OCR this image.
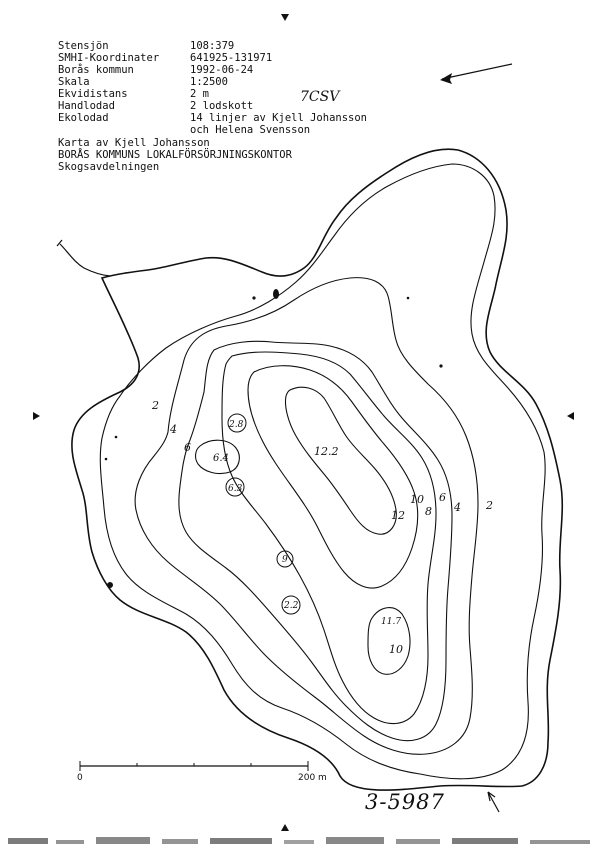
2
2
4
4
6
6
8
10
10
12
12.2
6.4
2.8
6.3
9
2.2
11.7
0	200 m
Stensjön	108:379
SMHI-Koordinater	641925-131971
Borås kommun	1992-06-24
Skala	1:2500
Ekvidistans	2 m
Handlodad	2 lodskott
Ekolodad	14 linjer av Kjell Johansson
och Helena Svensson
Karta av Kjell Johansson
BORÅS KOMMUNS LOKALFÖRSÖRJNINGSKONTOR
Skogsavdelningen
7CSV
3-5987
